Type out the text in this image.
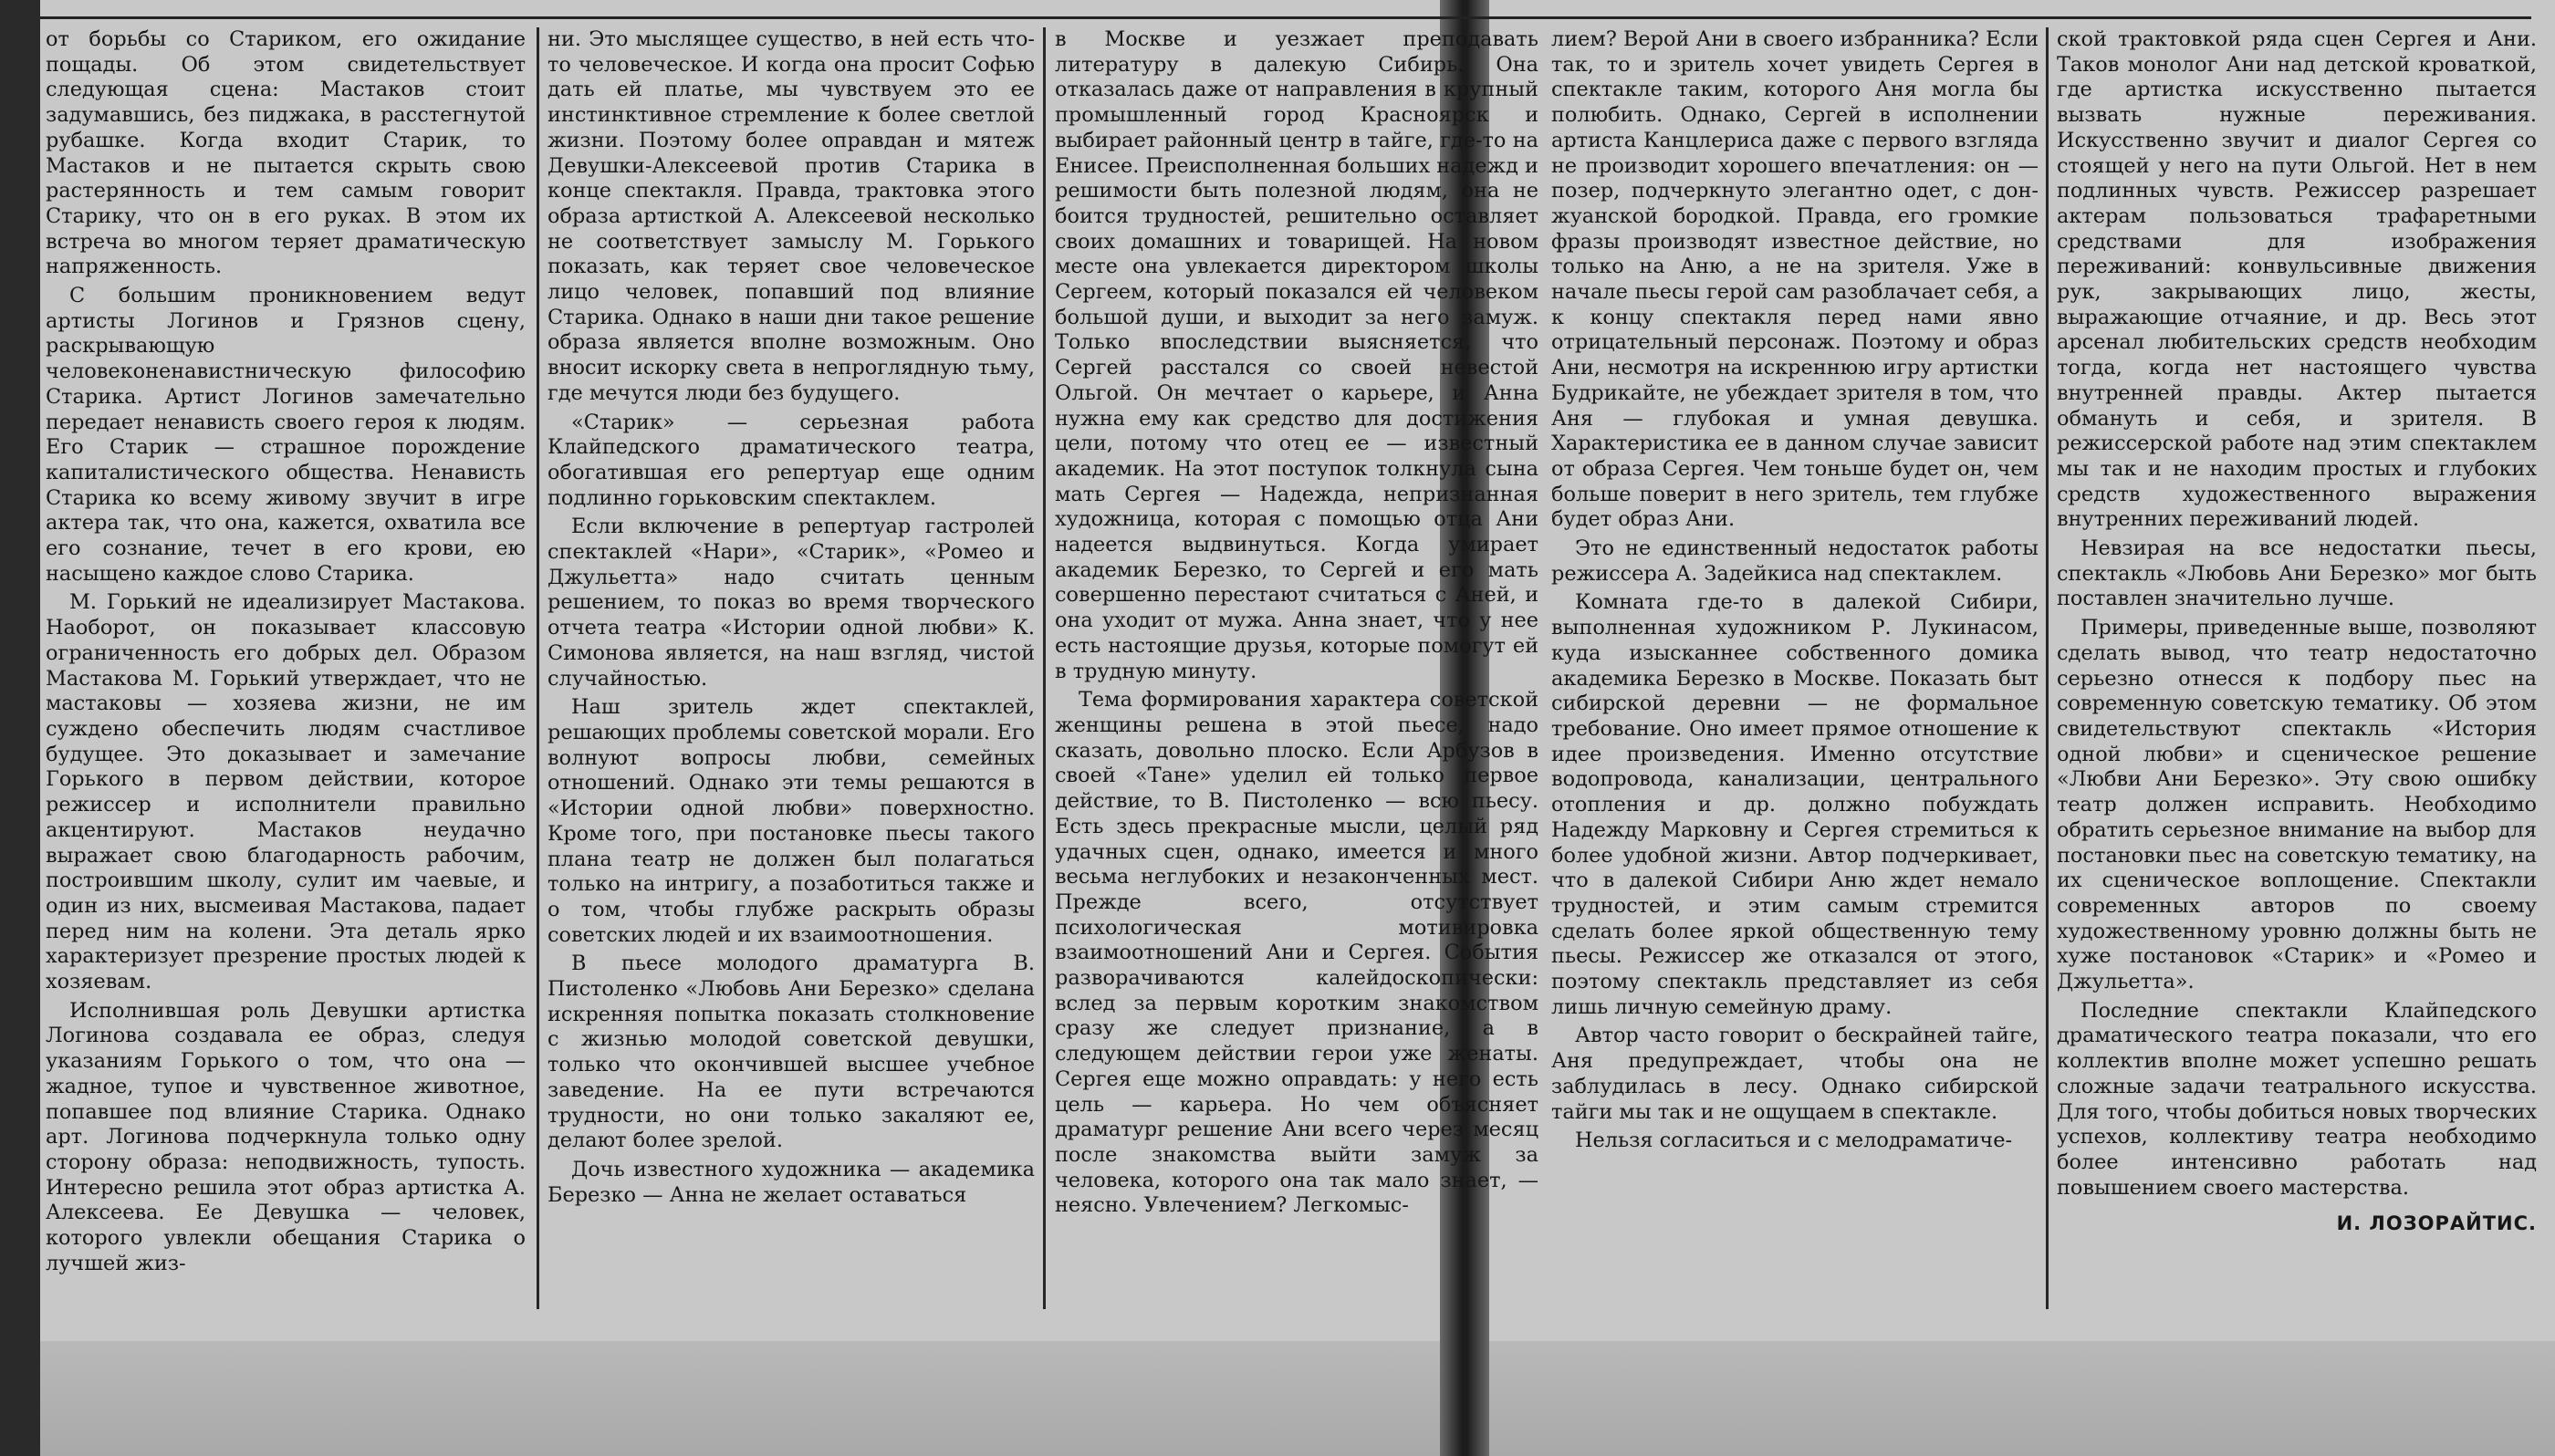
от борьбы со Стариком, его ожидание пощады. Об этом свидетельствует следующая сцена: Мастаков стоит задумавшись, без пиджака, в расстегнутой рубашке. Когда входит Старик, то Мастаков и не пытается скрыть свою растерянность и тем самым говорит Старику, что он в его руках. В этом их встреча во многом теряет драматическую напряженность.

С большим проникновением ведут артисты Логинов и Грязнов сцену, раскрывающую человеконенавистническую философию Старика. Артист Логинов замечательно передает ненависть своего героя к людям. Его Старик — страшное порождение капиталистического общества. Ненависть Старика ко всему живому звучит в игре актера так, что она, кажется, охватила все его сознание, течет в его крови, ею насыщено каждое слово Старика.

М. Горький не идеализирует Мастакова. Наоборот, он показывает классовую ограниченность его добрых дел. Образом Мастакова М. Горький утверждает, что не мастаковы — хозяева жизни, не им суждено обеспечить людям счастливое будущее. Это доказывает и замечание Горького в первом действии, которое режиссер и исполнители правильно акцентируют. Мастаков неудачно выражает свою благодарность рабочим, построившим школу, сулит им чаевые, и один из них, высмеивая Мастакова, падает перед ним на колени. Эта деталь ярко характеризует презрение простых людей к хозяевам.

Исполнившая роль Девушки артистка Логинова создавала ее образ, следуя указаниям Горького о том, что она — жадное, тупое и чувственное животное, попавшее под влияние Старика. Однако арт. Логинова подчеркнула только одну сторону образа: неподвижность, тупость. Интересно решила этот образ артистка А. Алексеева. Ее Девушка — человек, которого увлекли обещания Старика о лучшей жиз-

ни. Это мыслящее существо, в ней есть что-то человеческое. И когда она просит Софью дать ей платье, мы чувствуем это ее инстинктивное стремление к более светлой жизни. Поэтому более оправдан и мятеж Девушки-Алексеевой против Старика в конце спектакля. Правда, трактовка этого образа артисткой А. Алексеевой несколько не соответствует замыслу М. Горького показать, как теряет свое человеческое лицо человек, попавший под влияние Старика. Однако в наши дни такое решение образа является вполне возможным. Оно вносит искорку света в непроглядную тьму, где мечутся люди без будущего.

«Старик» — серьезная работа Клайпедского драматического театра, обогатившая его репертуар еще одним подлинно горьковским спектаклем.

Если включение в репертуар гастролей спектаклей «Нари», «Старик», «Ромео и Джульетта» надо считать ценным решением, то показ во время творческого отчета театра «Истории одной любви» К. Симонова является, на наш взгляд, чистой случайностью.

Наш зритель ждет спектаклей, решающих проблемы советской морали. Его волнуют вопросы любви, семейных отношений. Однако эти темы решаются в «Истории одной любви» поверхностно. Кроме того, при постановке пьесы такого плана театр не должен был полагаться только на интригу, а позаботиться также и о том, чтобы глубже раскрыть образы советских людей и их взаимоотношения.

В пьесе молодого драматурга В. Пистоленко «Любовь Ани Березко» сделана искренняя попытка показать столкновение с жизнью молодой советской девушки, только что окончившей высшее учебное заведение. На ее пути встречаются трудности, но они только закаляют ее, делают более зрелой.

Дочь известного художника — академика Березко — Анна не желает оставаться

в Москве и уезжает преподавать литературу в далекую Сибирь. Она отказалась даже от направления в крупный промышленный город Красноярск и выбирает районный центр в тайге, где-то на Енисее. Преисполненная больших надежд и решимости быть полезной людям, она не боится трудностей, решительно оставляет своих домашних и товарищей. На новом месте она увлекается директором школы Сергеем, который показался ей человеком большой души, и выходит за него замуж. Только впоследствии выясняется, что Сергей расстался со своей невестой Ольгой. Он мечтает о карьере, и Анна нужна ему как средство для достижения цели, потому что отец ее — известный академик. На этот поступок толкнула сына мать Сергея — Надежда, непризнанная художница, которая с помощью отца Ани надеется выдвинуться. Когда умирает академик Березко, то Сергей и его мать совершенно перестают считаться с Аней, и она уходит от мужа. Анна знает, что у нее есть настоящие друзья, которые помогут ей в трудную минуту.

Тема формирования характера советской женщины решена в этой пьесе, надо сказать, довольно плоско. Если Арбузов в своей «Тане» уделил ей только первое действие, то В. Пистоленко — всю пьесу. Есть здесь прекрасные мысли, целый ряд удачных сцен, однако, имеется и много весьма неглубоких и незаконченных мест. Прежде всего, отсутствует психологическая мотивировка взаимоотношений Ани и Сергея. События разворачиваются калейдоскопически: вслед за первым коротким знакомством сразу же следует признание, а в следующем действии герои уже женаты. Сергея еще можно оправдать: у него есть цель — карьера. Но чем объясняет драматург решение Ани всего через месяц после знакомства выйти замуж за человека, которого она так мало знает, — неясно. Увлечением? Легкомыс-

лием? Верой Ани в своего избранника? Если так, то и зритель хочет увидеть Сергея в спектакле таким, которого Аня могла бы полюбить. Однако, Сергей в исполнении артиста Канцлериса даже с первого взгляда не производит хорошего впечатления: он — позер, подчеркнуто элегантно одет, с дон-жуанской бородкой. Правда, его громкие фразы производят известное действие, но только на Аню, а не на зрителя. Уже в начале пьесы герой сам разоблачает себя, а к концу спектакля перед нами явно отрицательный персонаж. Поэтому и образ Ани, несмотря на искреннюю игру артистки Будрикайте, не убеждает зрителя в том, что Аня — глубокая и умная девушка. Характеристика ее в данном случае зависит от образа Сергея. Чем тоньше будет он, чем больше поверит в него зритель, тем глубже будет образ Ани.

Это не единственный недостаток работы режиссера А. Задейкиса над спектаклем.

Комната где-то в далекой Сибири, выполненная художником Р. Лукинасом, куда изысканнее собственного домика академика Березко в Москве. Показать быт сибирской деревни — не формальное требование. Оно имеет прямое отношение к идее произведения. Именно отсутствие водопровода, канализации, центрального отопления и др. должно побуждать Надежду Марковну и Сергея стремиться к более удобной жизни. Автор подчеркивает, что в далекой Сибири Аню ждет немало трудностей, и этим самым стремится сделать более яркой общественную тему пьесы. Режиссер же отказался от этого, поэтому спектакль представляет из себя лишь личную семейную драму.

Автор часто говорит о бескрайней тайге, Аня предупреждает, чтобы она не заблудилась в лесу. Однако сибирской тайги мы так и не ощущаем в спектакле.

Нельзя согласиться и с мелодраматиче-

ской трактовкой ряда сцен Сергея и Ани. Таков монолог Ани над детской кроваткой, где артистка искусственно пытается вызвать нужные переживания. Искусственно звучит и диалог Сергея со стоящей у него на пути Ольгой. Нет в нем подлинных чувств. Режиссер разрешает актерам пользоваться трафаретными средствами для изображения переживаний: конвульсивные движения рук, закрывающих лицо, жесты, выражающие отчаяние, и др. Весь этот арсенал любительских средств необходим тогда, когда нет настоящего чувства внутренней правды. Актер пытается обмануть и себя, и зрителя. В режиссерской работе над этим спектаклем мы так и не находим простых и глубоких средств художественного выражения внутренних переживаний людей.

Невзирая на все недостатки пьесы, спектакль «Любовь Ани Березко» мог быть поставлен значительно лучше.

Примеры, приведенные выше, позволяют сделать вывод, что театр недостаточно серьезно отнесся к подбору пьес на современную советскую тематику. Об этом свидетельствуют спектакль «История одной любви» и сценическое решение «Любви Ани Березко». Эту свою ошибку театр должен исправить. Необходимо обратить серьезное внимание на выбор для постановки пьес на советскую тематику, на их сценическое воплощение. Спектакли современных авторов по своему художественному уровню должны быть не хуже постановок «Старик» и «Ромео и Джульетта».

Последние спектакли Клайпедского драматического театра показали, что его коллектив вполне может успешно решать сложные задачи театрального искусства. Для того, чтобы добиться новых творческих успехов, коллективу театра необходимо более интенсивно работать над повышением своего мастерства.

И. ЛОЗОРАЙТИС.
